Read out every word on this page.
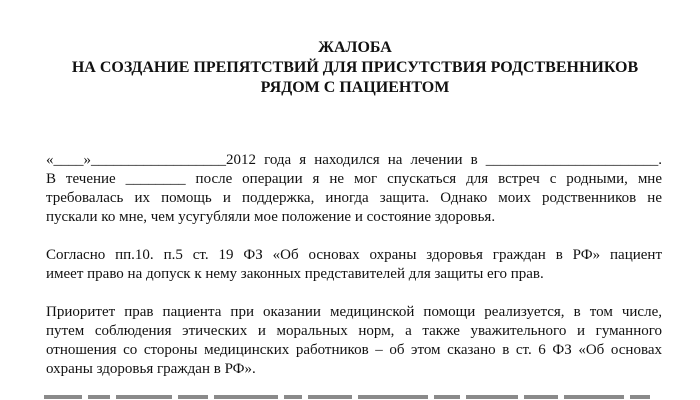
ЖАЛОБА
НА СОЗДАНИЕ ПРЕПЯТСТВИЙ ДЛЯ ПРИСУТСТВИЯ РОДСТВЕННИКОВ
РЯДОМ С ПАЦИЕНТОМ
«____»__________________2012 года я находился на лечении в _______________________.
В течение ________ после операции я не мог спускаться для встреч с родными, мне
требовалась их помощь и поддержка, иногда защита. Однако моих родственников не
пускали ко мне, чем усугубляли мое положение и состояние здоровья.
Согласно пп.10. п.5 ст. 19 ФЗ «Об основах охраны здоровья граждан в РФ» пациент
имеет право на допуск к нему законных представителей для защиты его прав.
Приоритет прав пациента при оказании медицинской помощи реализуется, в том числе,
путем соблюдения этических и моральных норм, а также уважительного и гуманного
отношения со стороны медицинских работников – об этом сказано в ст. 6 ФЗ «Об основах
охраны здоровья граждан в РФ».
